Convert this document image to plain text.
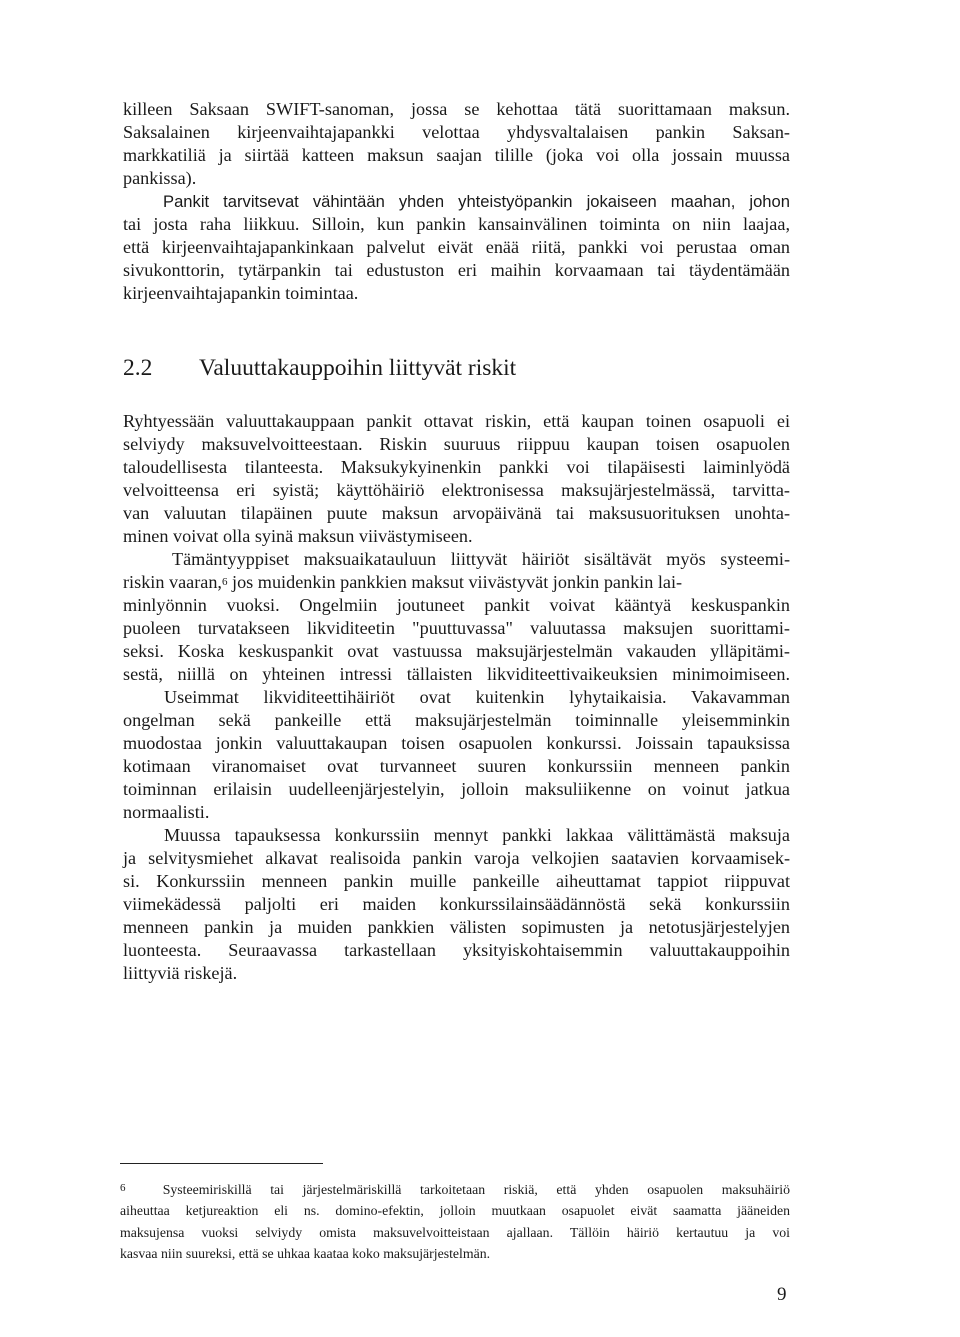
killeen Saksaan SWIFT-sanoman, jossa se kehottaa tätä suorittamaan maksun.
Saksalainen kirjeenvaihtajapankki velottaa yhdysvaltalaisen pankin Saksan-
markkatiliä ja siirtää katteen maksun saajan tilille (joka voi olla jossain muussa
pankissa).
Pankit tarvitsevat vähintään yhden yhteistyöpankin jokaiseen maahan, johon
tai josta raha liikkuu. Silloin, kun pankin kansainvälinen toiminta on niin laajaa,
että kirjeenvaihtajapankinkaan palvelut eivät enää riitä, pankki voi perustaa oman
sivukonttorin, tytärpankin tai edustuston eri maihin korvaamaan tai täydentämään
kirjeenvaihtajapankin toimintaa.
2.2 Valuuttakauppoihin liittyvät riskit
Ryhtyessään valuuttakauppaan pankit ottavat riskin, että kaupan toinen osapuoli ei
selviydy maksuvelvoitteestaan. Riskin suuruus riippuu kaupan toisen osapuolen
taloudellisesta tilanteesta. Maksukykyinenkin pankki voi tilapäisesti laiminlyödä
velvoitteensa eri syistä; käyttöhäiriö elektronisessa maksujärjestelmässä, tarvitta-
van valuutan tilapäinen puute maksun arvopäivänä tai maksusuorituksen unohta-
minen voivat olla syinä maksun viivästymiseen.
Tämäntyyppiset maksuaikatauluun liittyvät häiriöt sisältävät myös systeemi-
riskin vaaran,$^6$ jos muidenkin pankkien maksut viivästyvät jonkin pankin lai-
minlyönnin vuoksi. Ongelmiin joutuneet pankit voivat kääntyä keskuspankin
puoleen turvatakseen likviditeetin "puuttuvassa" valuutassa maksujen suorittami-
seksi. Koska keskuspankit ovat vastuussa maksujärjestelmän vakauden ylläpitämi-
sestä, niillä on yhteinen intressi tällaisten likviditeettivaikeuksien minimoimiseen.
Useimmat likviditeettihäiriöt ovat kuitenkin lyhytaikaisia. Vakavamman
ongelman sekä pankeille että maksujärjestelmän toiminnalle yleisemminkin
muodostaa jonkin valuuttakaupan toisen osapuolen konkurssi. Joissain tapauksissa
kotimaan viranomaiset ovat turvanneet suuren konkurssiin menneen pankin
toiminnan erilaisin uudelleenjärjestelyin, jolloin maksuliikenne on voinut jatkua
normaalisti.
Muussa tapauksessa konkurssiin mennyt pankki lakkaa välittämästä maksuja
ja selvitysmiehet alkavat realisoida pankin varoja velkojien saatavien korvaamisek-
si. Konkurssiin menneen pankin muille pankeille aiheuttamat tappiot riippuvat
viimekädessä paljolti eri maiden konkurssilainsäädännöstä sekä konkurssiin
menneen pankin ja muiden pankkien välisten sopimusten ja netotusjärjestelyjen
luonteesta. Seuraavassa tarkastellaan yksityiskohtaisemmin valuuttakauppoihin
liittyviä riskejä.
$^6$	Systeemiriskillä tai järjestelmäriskillä tarkoitetaan riskiä, että yhden osapuolen maksuhäiriö
aiheuttaa ketjureaktion eli ns. domino-efektin, jolloin muutkaan osapuolet eivät saamatta jääneiden
maksujensa vuoksi selviydy omista maksuvelvoitteistaan ajallaan. Tällöin häiriö kertautuu ja voi
kasvaa niin suureksi, että se uhkaa kaataa koko maksujärjestelmän.
9
